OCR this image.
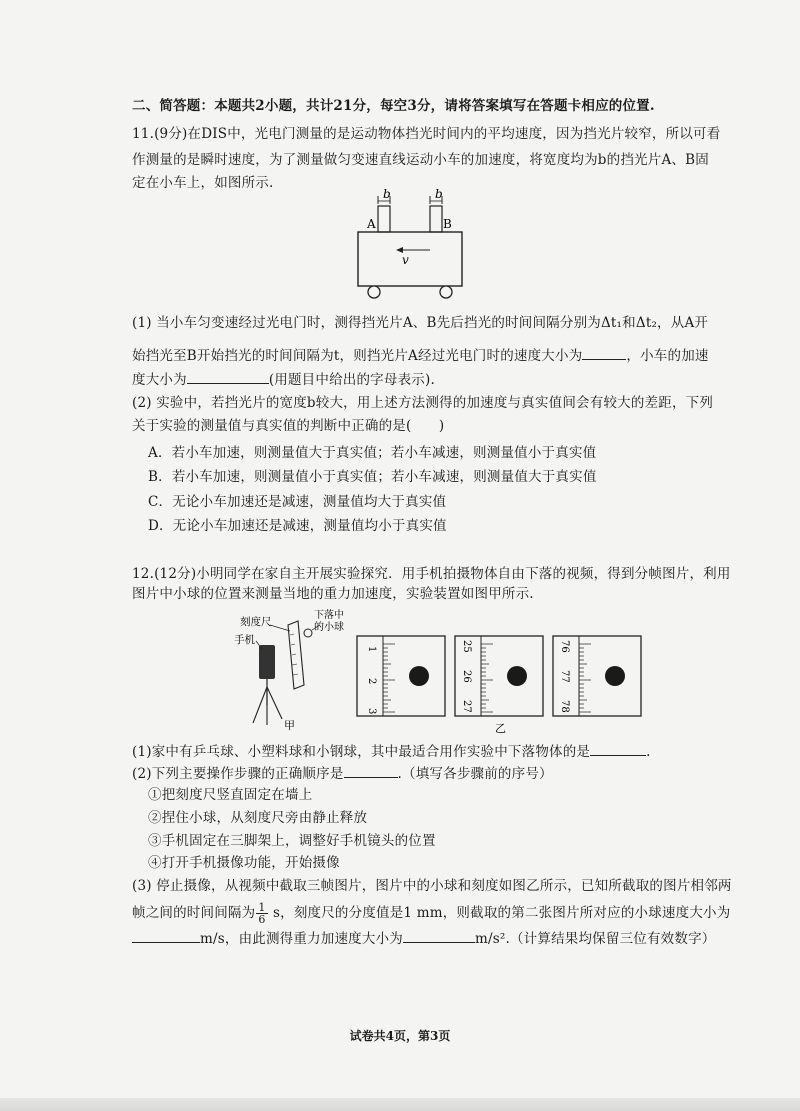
二、简答题：本题共2小题，共计21分，每空3分，请将答案填写在答题卡相应的位置.
11.(9分)在DIS中，光电门测量的是运动物体挡光时间内的平均速度，因为挡光片较窄，所以可看
作测量的是瞬时速度，为了测量做匀变速直线运动小车的加速度，将宽度均为b的挡光片A、B固
定在小车上，如图所示.
b	b
A	B
v
(1) 当小车匀变速经过光电门时，测得挡光片A、B先后挡光的时间间隔分别为Δt₁和Δt₂，从A开
始挡光至B开始挡光的时间间隔为t，则挡光片A经过光电门时的速度大小为	，小车的加速
度大小为	(用题目中给出的字母表示).
(2) 实验中，若挡光片的宽度b较大，用上述方法测得的加速度与真实值间会有较大的差距，下列
关于实验的测量值与真实值的判断中正确的是(　　)
A．若小车加速，则测量值大于真实值；若小车减速，则测量值小于真实值
B．若小车加速，则测量值小于真实值；若小车减速，则测量值大于真实值
C．无论小车加速还是减速，测量值均大于真实值
D．无论小车加速还是减速，测量值均小于真实值
12.(12分)小明同学在家自主开展实验探究．用手机拍摄物体自由下落的视频，得到分帧图片，利用
图片中小球的位置来测量当地的重力加速度，实验装置如图甲所示.
刻度尺
手机
下落中
的小球
甲
1
2
3
25
26
27
76
77
78
乙
(1)家中有乒乓球、小塑料球和小钢球，其中最适合用作实验中下落物体的是	.
(2)下列主要操作步骤的正确顺序是	.（填写各步骤前的序号）
①把刻度尺竖直固定在墙上
②捏住小球，从刻度尺旁由静止释放
③手机固定在三脚架上，调整好手机镜头的位置
④打开手机摄像功能，开始摄像
(3) 停止摄像，从视频中截取三帧图片，图片中的小球和刻度如图乙所示，已知所截取的图片相邻两
帧之间的时间间隔为 $\frac{1}{6}$ s，刻度尺的分度值是1 mm，则截取的第二张图片所对应的小球速度大小为
m/s，由此测得重力加速度大小为	m/s².（计算结果均保留三位有效数字）
试卷共4页，第3页
